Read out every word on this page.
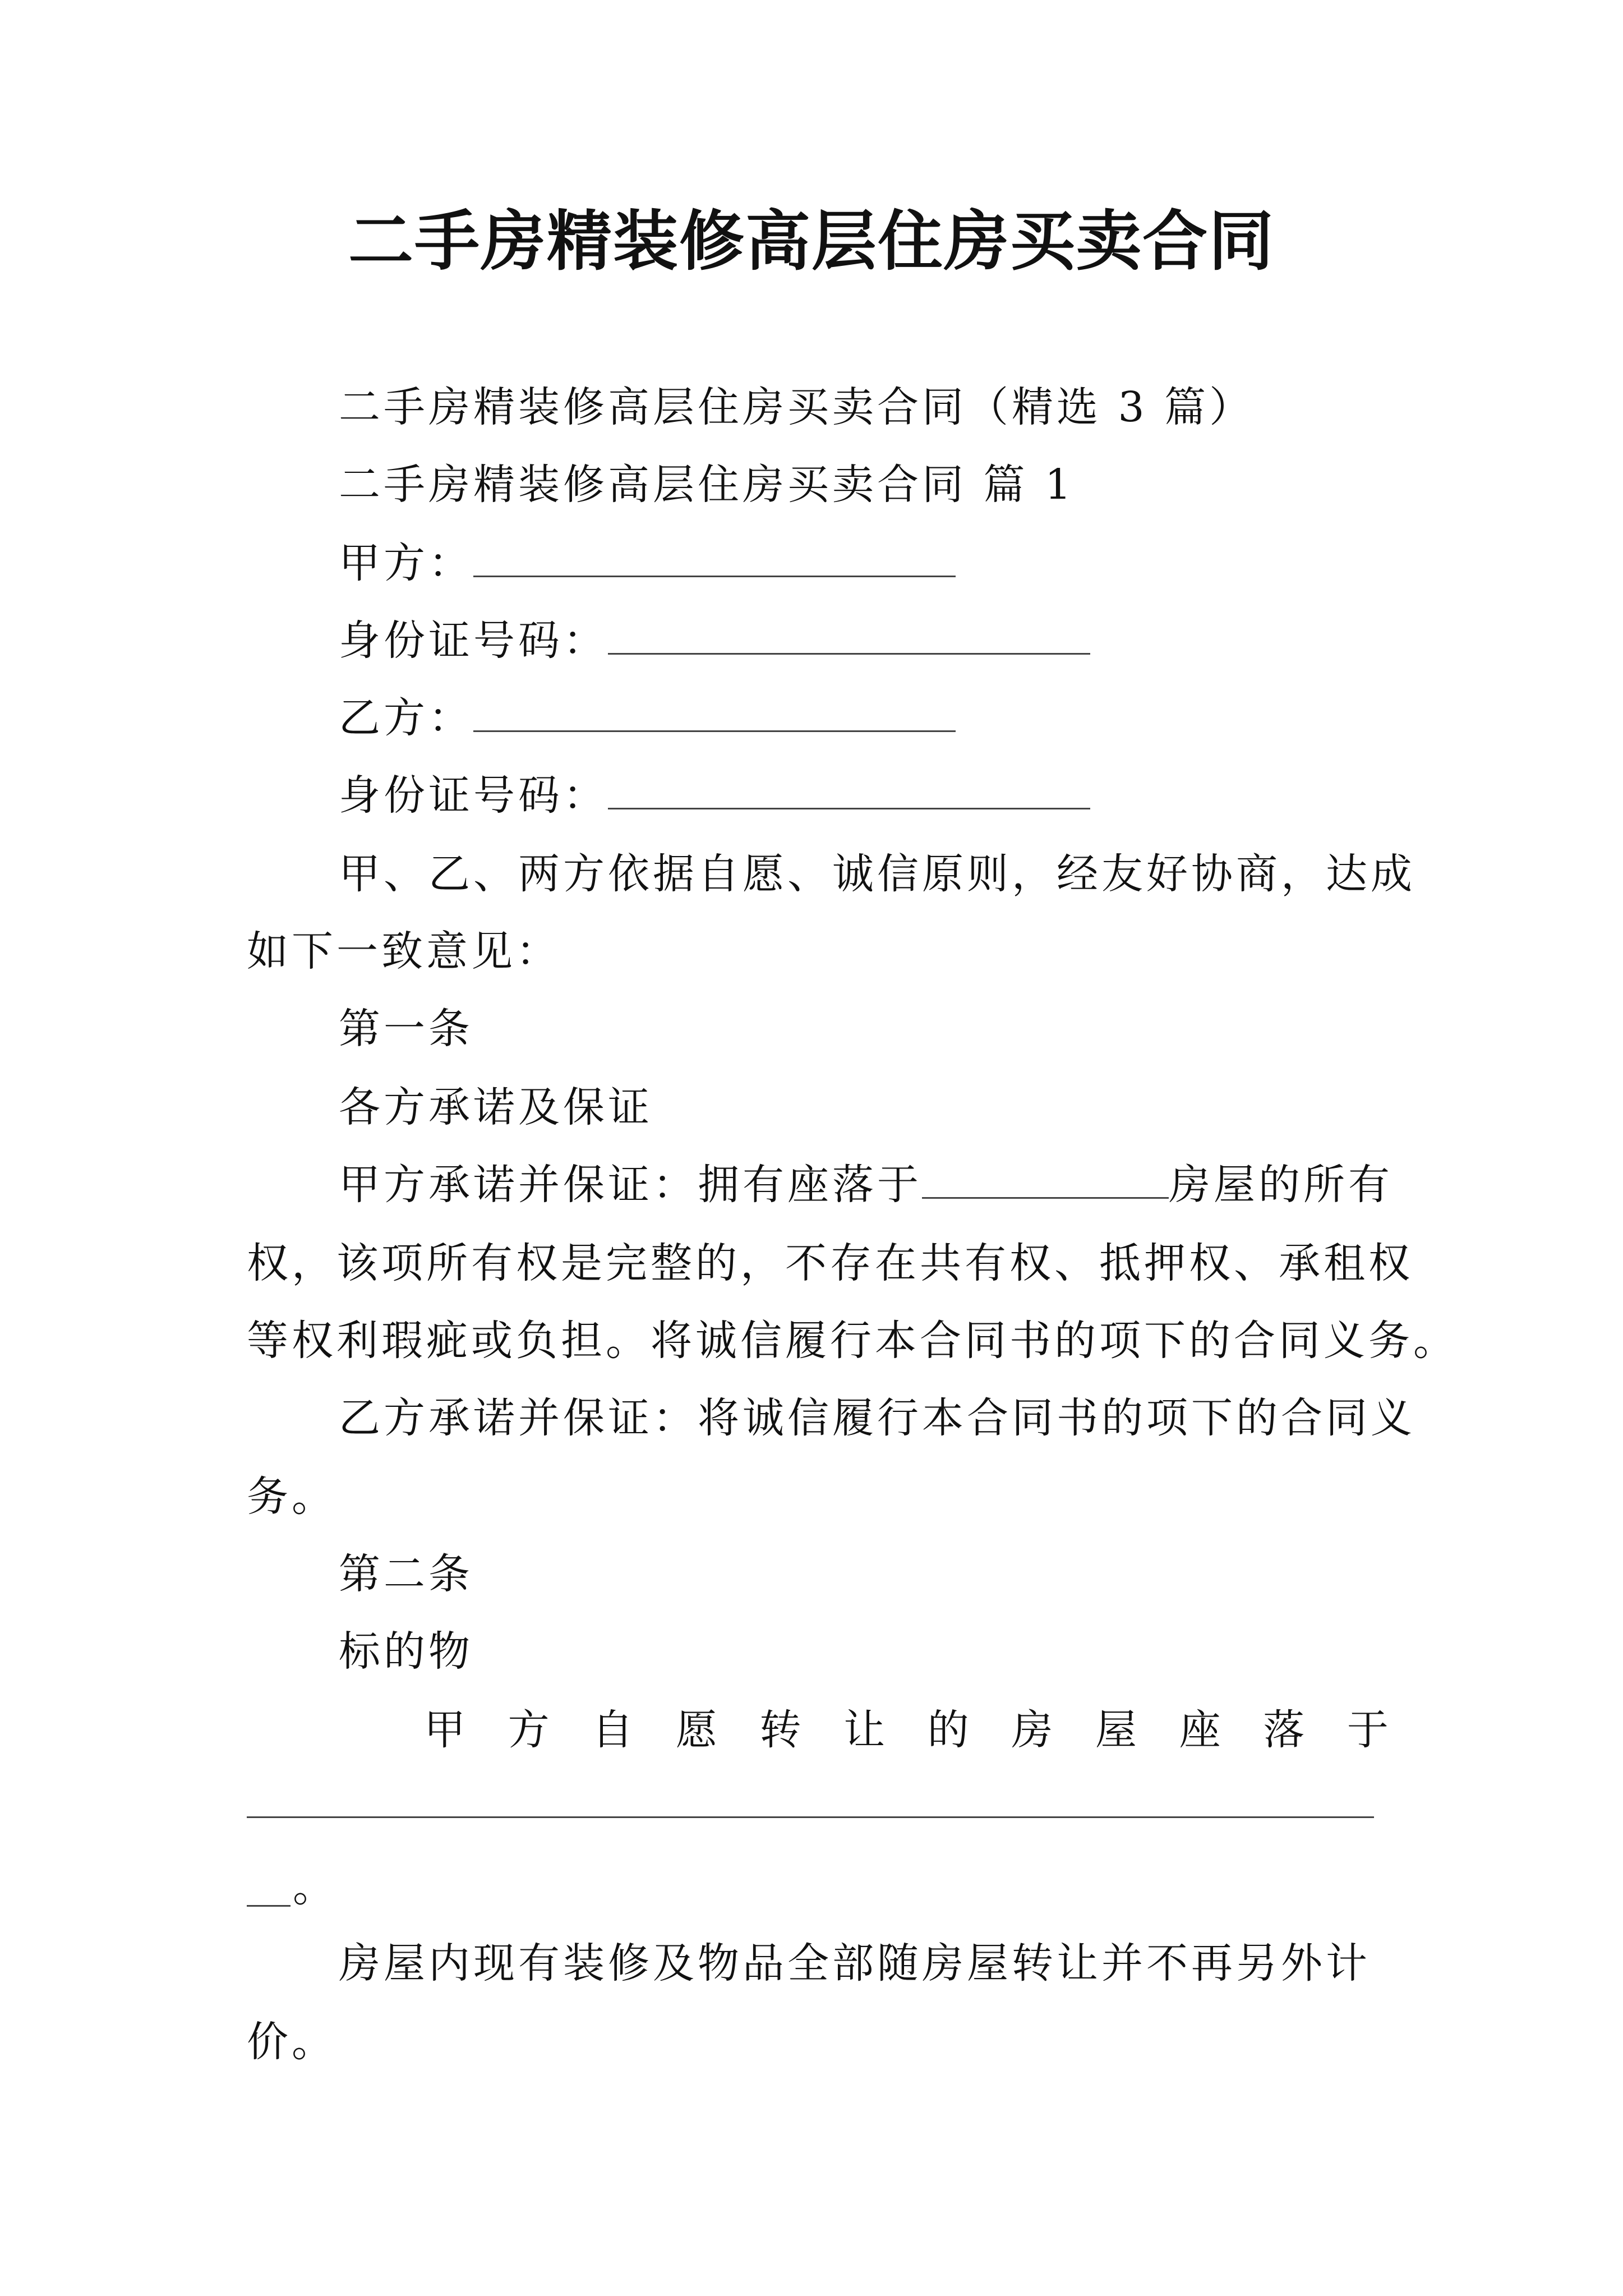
二手房精装修高层住房买卖合同
二手房精装修高层住房买卖合同（精选 3 篇）
二手房精装修高层住房买卖合同 篇 1
甲方：
身份证号码：
乙方：
身份证号码：
甲、乙、两方依据自愿、诚信原则，经友好协商，达成
如下一致意见：
第一条
各方承诺及保证
甲方承诺并保证：拥有座落于	房屋的所有
权，该项所有权是完整的，不存在共有权、抵押权、承租权
等权利瑕疵或负担。将诚信履行本合同书的项下的合同义务。
乙方承诺并保证：将诚信履行本合同书的项下的合同义
务。
第二条
标的物
甲 方 自 愿 转 让 的 房 屋 座 落 于
。
房屋内现有装修及物品全部随房屋转让并不再另外计
价。
